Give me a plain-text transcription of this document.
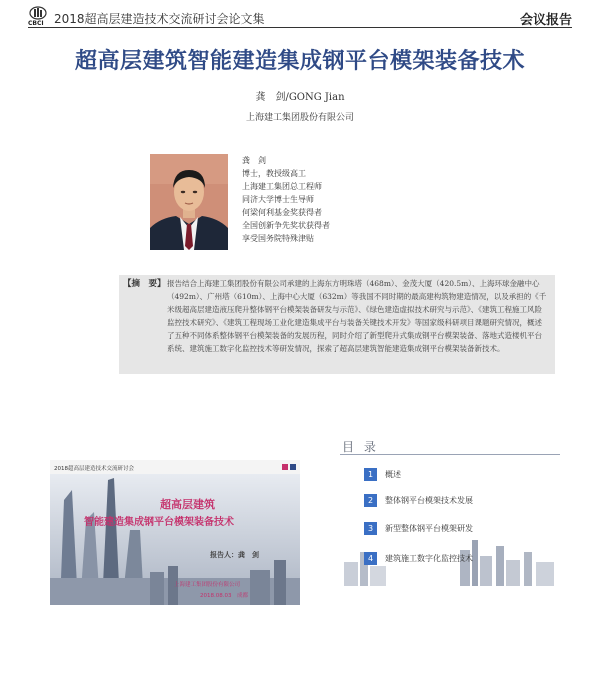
CBCI 2018超高层建造技术交流研讨会论文集	会议报告
超高层建筑智能建造集成钢平台模架装备技术
龚　剑/GONG Jian
上海建工集团股份有限公司
龚　剑
博士，教授级高工
上海建工集团总工程师
同济大学博士生导师
何梁何利基金奖获得者
全国创新争先奖状获得者
享受国务院特殊津贴
【摘　要】 报告结合上海建工集团股份有限公司承建的上海东方明珠塔（468m）、金茂大厦（420.5m）、上海环球金融中心（492m）、广州塔（610m）、上海中心大厦（632m）等我国不同时期的最高建构筑物建造情况，以及承担的《千米级超高层建造液压爬升整体钢平台模架装备研发与示范》、《绿色建造虚拟技术研究与示范》、《建筑工程施工风险监控技术研究》、《建筑工程现场工业化建造集成平台与装备关键技术开发》等国家级科研项目课题研究情况，概述了五种不同体系整体钢平台模架装备的发展历程，同时介绍了新型爬升式集成钢平台模架装备、落地式造楼机平台系统、建筑施工数字化监控技术等研发情况，探索了超高层建筑智能建造集成钢平台模架装备新技术。
2018超高层建造技术交流研讨会
超高层建筑
智能建造集成钢平台模架装备技术
报告人：龚　剑
上海建工集团股份有限公司
2018.08.03　成都
目 录
1	概述
2	整体钢平台模架技术发展
3	新型整体钢平台模架研发
4	建筑施工数字化监控技术
